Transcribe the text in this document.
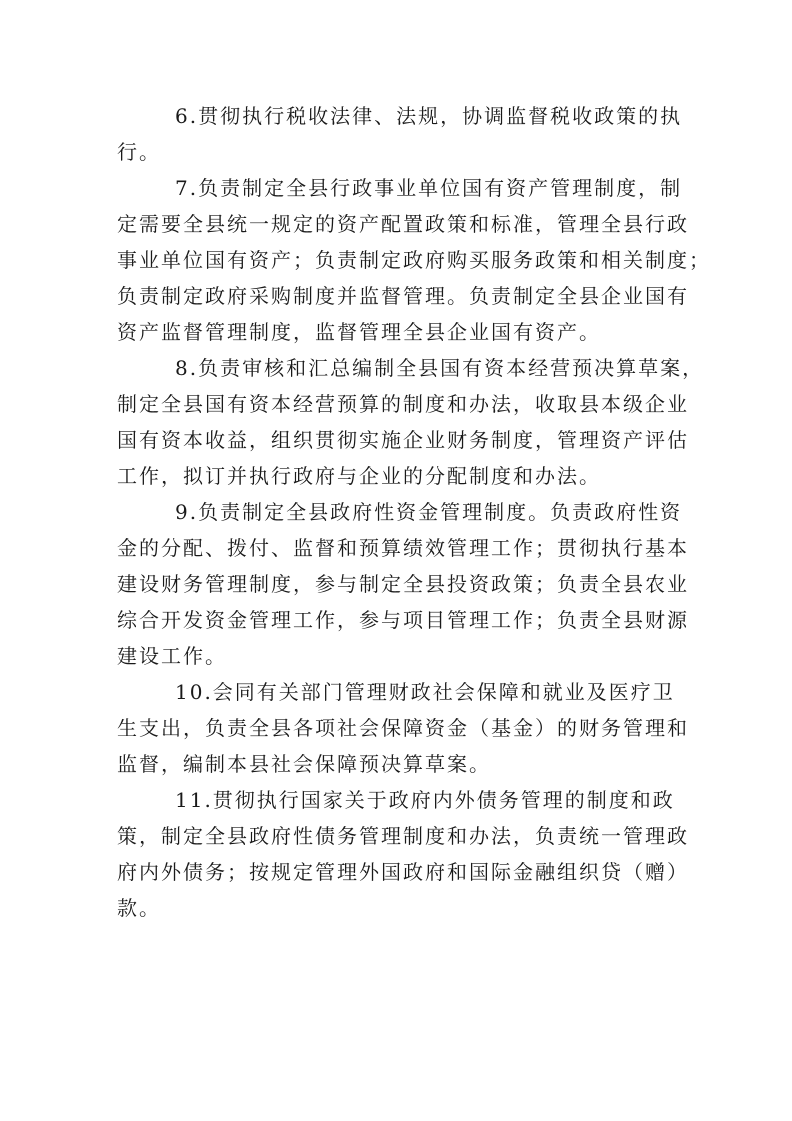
6.贯彻执行税收法律、法规，协调监督税收政策的执
行。
7.负责制定全县行政事业单位国有资产管理制度，制
定需要全县统一规定的资产配置政策和标准，管理全县行政
事业单位国有资产；负责制定政府购买服务政策和相关制度；
负责制定政府采购制度并监督管理。负责制定全县企业国有
资产监督管理制度，监督管理全县企业国有资产。
8.负责审核和汇总编制全县国有资本经营预决算草案，
制定全县国有资本经营预算的制度和办法，收取县本级企业
国有资本收益，组织贯彻实施企业财务制度，管理资产评估
工作，拟订并执行政府与企业的分配制度和办法。
9.负责制定全县政府性资金管理制度。负责政府性资
金的分配、拨付、监督和预算绩效管理工作；贯彻执行基本
建设财务管理制度，参与制定全县投资政策；负责全县农业
综合开发资金管理工作，参与项目管理工作；负责全县财源
建设工作。
10.会同有关部门管理财政社会保障和就业及医疗卫
生支出，负责全县各项社会保障资金（基金）的财务管理和
监督，编制本县社会保障预决算草案。
11.贯彻执行国家关于政府内外债务管理的制度和政
策，制定全县政府性债务管理制度和办法，负责统一管理政
府内外债务；按规定管理外国政府和国际金融组织贷（赠）
款。
